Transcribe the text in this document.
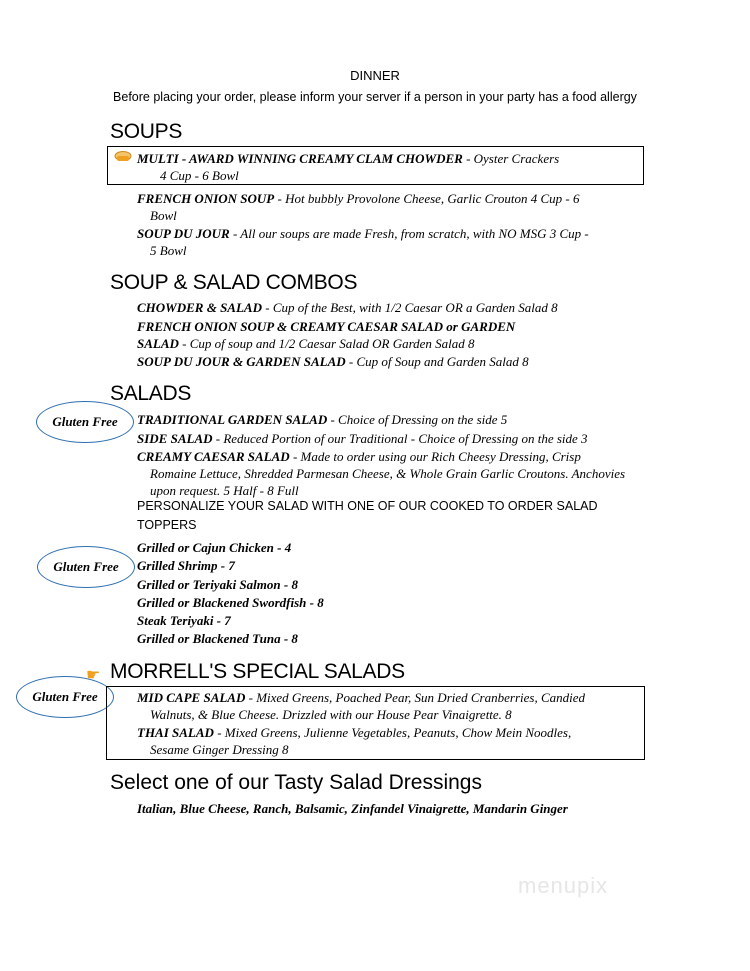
DINNER
Before placing your order, please inform your server if a person in your party has a food allergy
SOUPS
MULTI - AWARD WINNING CREAMY CLAM CHOWDER - Oyster Crackers
4 Cup - 6 Bowl
FRENCH ONION SOUP - Hot bubbly Provolone Cheese, Garlic Crouton 4 Cup - 6
Bowl
SOUP DU JOUR - All our soups are made Fresh, from scratch, with NO MSG 3 Cup -
5 Bowl
SOUP & SALAD COMBOS
CHOWDER & SALAD - Cup of the Best, with 1/2 Caesar OR a Garden Salad 8
FRENCH ONION SOUP & CREAMY CAESAR SALAD or GARDEN
SALAD - Cup of soup and 1/2 Caesar Salad OR Garden Salad 8
SOUP DU JOUR & GARDEN SALAD - Cup of Soup and Garden Salad 8
SALADS
Gluten Free	TRADITIONAL GARDEN SALAD - Choice of Dressing on the side 5
SIDE SALAD - Reduced Portion of our Traditional - Choice of Dressing on the side 3
CREAMY CAESAR SALAD - Made to order using our Rich Cheesy Dressing, Crisp
Romaine Lettuce, Shredded Parmesan Cheese, & Whole Grain Garlic Croutons. Anchovies
upon request. 5 Half - 8 Full
PERSONALIZE YOUR SALAD WITH ONE OF OUR COOKED TO ORDER SALAD
TOPPERS
Gluten Free
Grilled or Cajun Chicken - 4
Grilled Shrimp - 7
Grilled or Teriyaki Salmon - 8
Grilled or Blackened Swordfish - 8
Steak Teriyaki - 7
Grilled or Blackened Tuna - 8
☛ MORRELL'S SPECIAL SALADS
Gluten Free	MID CAPE SALAD - Mixed Greens, Poached Pear, Sun Dried Cranberries, Candied
Walnuts, & Blue Cheese. Drizzled with our House Pear Vinaigrette. 8
THAI SALAD - Mixed Greens, Julienne Vegetables, Peanuts, Chow Mein Noodles,
Sesame Ginger Dressing 8
Select one of our Tasty Salad Dressings
Italian, Blue Cheese, Ranch, Balsamic, Zinfandel Vinaigrette, Mandarin Ginger
menupix
